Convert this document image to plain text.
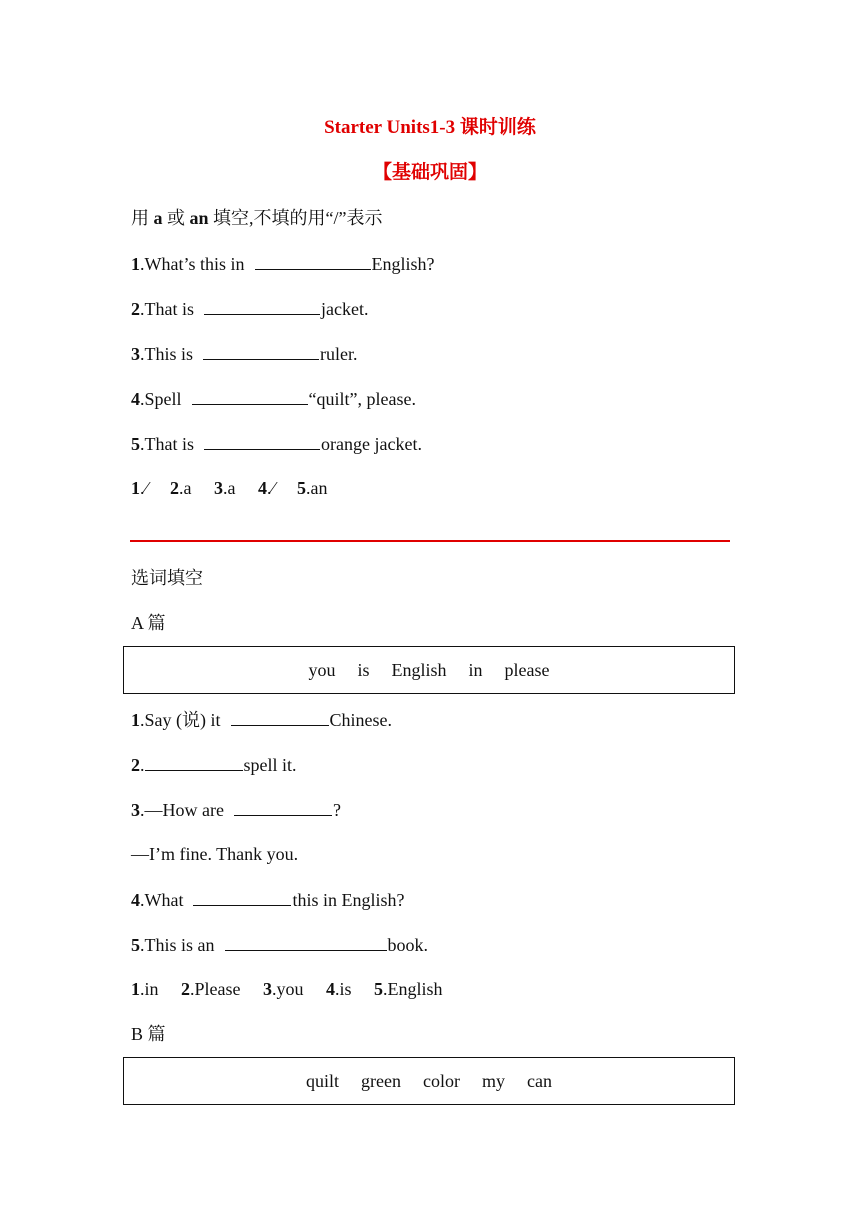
Starter Units1-3 课时训练
【基础巩固】
用 a 或 an 填空,不填的用“/”表示
1.What’s this in	English?
2.That is	jacket.
3.This is	ruler.
4.Spell	“quilt”, please.
5.That is	orange jacket.
1.⁄ 2.a 3.a 4.⁄ 5.an
选词填空
A 篇
you is English in please
1.Say (说) it	Chinese.
2.	spell it.
3.—How are	?
—I’m fine. Thank you.
4.What	this in English?
5.This is an	book.
1.in 2.Please 3.you 4.is 5.English
B 篇
quilt green color my can
